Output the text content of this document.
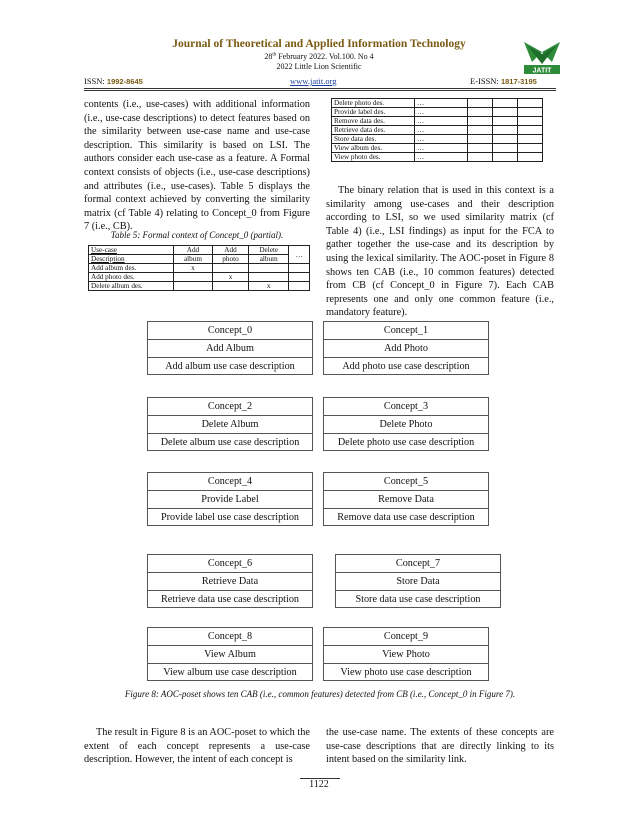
Journal of Theoretical and Applied Information Technology
28th February 2022. Vol.100. No 4
2022 Little Lion Scientific	JATIT
ISSN: 1992-8645	www.jatit.org	E-ISSN: 1817-3195
contents (i.e., use-cases) with additional information (i.e., use-case descriptions) to detect features based on the similarity between use-case name and use-case description. This similarity is based on LSI. The authors consider each use-case as a feature. A Formal context consists of objects (i.e., use-case descriptions) and attributes (i.e., use-cases). Table 5 displays the formal context achieved by converting the similarity matrix (cf Table 4) relating to Concept_0 from Figure 7 (i.e., CB).
Table 5: Formal context of Concept_0 (partial).
Use-case	Add	Add	Delete	…
Description	album	photo	album	
Add album des.	x			
Add photo des.		x		
Delete album des.			x	
Delete photo des.	…			
Provide label des.	…			
Remove data des.	…			
Retrieve data des.	…			
Store data des.	…			
View album des.	…			
View photo des.	…			
The binary relation that is used in this context is a similarity among use-cases and their description according to LSI, so we used similarity matrix (cf Table 4) (i.e., LSI findings) as input for the FCA to gather together the use-case and its description by using the lexical similarity. The AOC-poset in Figure 8 shows ten CAB (i.e., 10 common features) detected from CB (cf Concept_0 in Figure 7). Each CAB represents one and only one common feature (i.e., mandatory feature).
Concept_0
Add Album
Add album use case description
Concept_1
Add Photo
Add photo use case description
Concept_2
Delete Album
Delete album use case description
Concept_3
Delete Photo
Delete photo use case description
Concept_4
Provide Label
Provide label use case description
Concept_5
Remove Data
Remove data use case description
Concept_6
Retrieve Data
Retrieve data use case description
Concept_7
Store Data
Store data use case description
Concept_8
View Album
View album use case description
Concept_9
View Photo
View photo use case description
Figure 8: AOC-poset shows ten CAB (i.e., common features) detected from CB (i.e., Concept_0 in Figure 7).
The result in Figure 8 is an AOC-poset to which the extent of each concept represents a use-case description. However, the intent of each concept is
the use-case name. The extents of these concepts are use-case descriptions that are directly linking to its intent based on the similarity link.
1122
